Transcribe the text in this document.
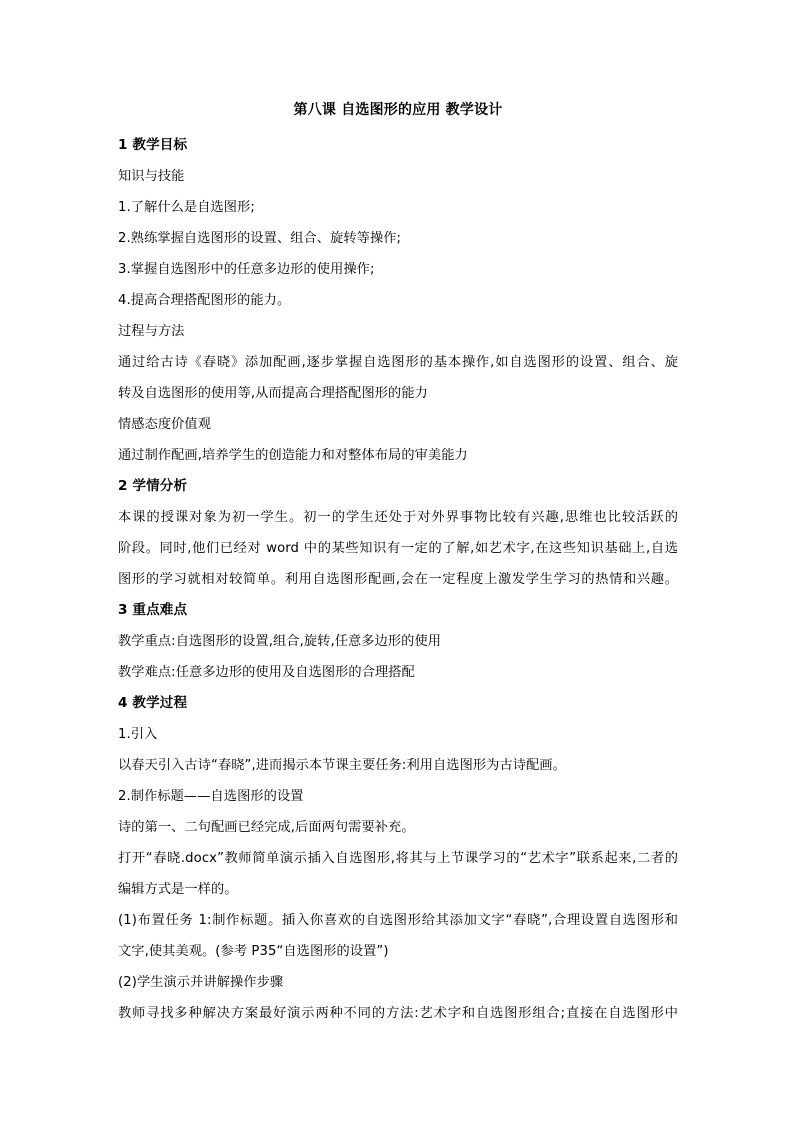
第八课 自选图形的应用 教学设计
1 教学目标
知识与技能
1.了解什么是自选图形;
2.熟练掌握自选图形的设置、组合、旋转等操作;
3.掌握自选图形中的任意多边形的使用操作;
4.提高合理搭配图形的能力。
过程与方法
通过给古诗《春晓》添加配画,逐步掌握自选图形的基本操作,如自选图形的设置、组合、旋
转及自选图形的使用等,从而提高合理搭配图形的能力
情感态度价值观
通过制作配画,培养学生的创造能力和对整体布局的审美能力
2 学情分析
本课的授课对象为初一学生。初一的学生还处于对外界事物比较有兴趣,思维也比较活跃的
阶段。同时,他们已经对 word 中的某些知识有一定的了解,如艺术字,在这些知识基础上,自选
图形的学习就相对较简单。利用自选图形配画,会在一定程度上激发学生学习的热情和兴趣。
3 重点难点
教学重点:自选图形的设置,组合,旋转,任意多边形的使用
教学难点:任意多边形的使用及自选图形的合理搭配
4 教学过程
1.引入
以春天引入古诗“春晓”,进而揭示本节课主要任务:利用自选图形为古诗配画。
2.制作标题——自选图形的设置
诗的第一、二句配画已经完成,后面两句需要补充。
打开“春晓.docx”教师简单演示插入自选图形,将其与上节课学习的“艺术字”联系起来,二者的
编辑方式是一样的。
(1)布置任务 1:制作标题。插入你喜欢的自选图形给其添加文字“春晓”,合理设置自选图形和
文字,使其美观。(参考 P35“自选图形的设置”)
(2)学生演示并讲解操作步骤
教师寻找多种解决方案最好演示两种不同的方法:艺术字和自选图形组合;直接在自选图形中
